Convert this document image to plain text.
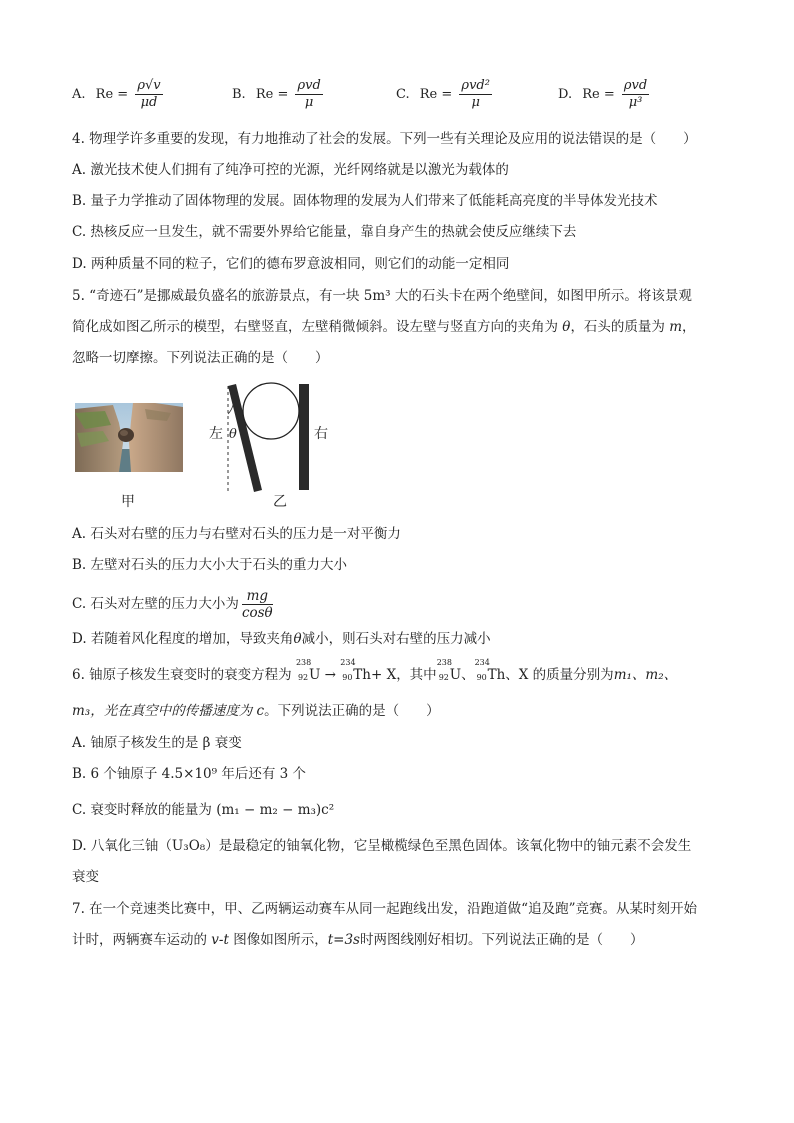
A. $Re = \frac{\rho√v}{\mu d}$	B. $Re = \frac{\text{ρvd}}{\mu}$	C. $Re = \frac{\text{ρvd²}}{\mu}$	D. $Re = \frac{\text{ρvd}}{\text{μ³}}$
4. 物理学许多重要的发现，有力地推动了社会的发展。下列一些有关理论及应用的说法错误的是（　　）
A. 激光技术使人们拥有了纯净可控的光源，光纤网络就是以激光为载体的
B. 量子力学推动了固体物理的发展。固体物理的发展为人们带来了低能耗高亮度的半导体发光技术
C. 热核反应一旦发生，就不需要外界给它能量，靠自身产生的热就会使反应继续下去
D. 两种质量不同的粒子，它们的德布罗意波相同，则它们的动能一定相同
5. “奇迹石”是挪威最负盛名的旅游景点，有一块 5m³ 大的石头卡在两个绝壁间，如图甲所示。将该景观
简化成如图乙所示的模型，右壁竖直，左壁稍微倾斜。设左壁与竖直方向的夹角为 θ，石头的质量为 m，
忽略一切摩擦。下列说法正确的是（　　）
甲
左 θ	右
乙
A. 石头对右壁的压力与右壁对石头的压力是一对平衡力
B. 左壁对石头的压力大小大于石头的重力大小
C. 石头对左壁的压力大小为 $\frac{mg}{\cos\theta}$
D. 若随着风化程度的增加，导致夹角θ减小，则石头对右壁的压力减小
6. 铀原子核发生衰变时的衰变方程为
238
92 U →
234
90 Th+ X，其中
238
92 U、
234
90 Th、X 的质量分别为m₁、m₂、
m₃，光在真空中的传播速度为 c。下列说法正确的是（　　）
A. 铀原子核发生的是 β 衰变
B. 6 个铀原子 4.5×10⁹ 年后还有 3 个
C. 衰变时释放的能量为 (m₁ − m₂ − m₃)c²
D. 八氧化三铀（U₃O₈）是最稳定的铀氧化物，它呈橄榄绿色至黑色固体。该氧化物中的铀元素不会发生
衰变
7. 在一个竞速类比赛中，甲、乙两辆运动赛车从同一起跑线出发，沿跑道做“追及跑”竞赛。从某时刻开始
计时，两辆赛车运动的 v-t 图像如图所示，t=3s时两图线刚好相切。下列说法正确的是（　　）
